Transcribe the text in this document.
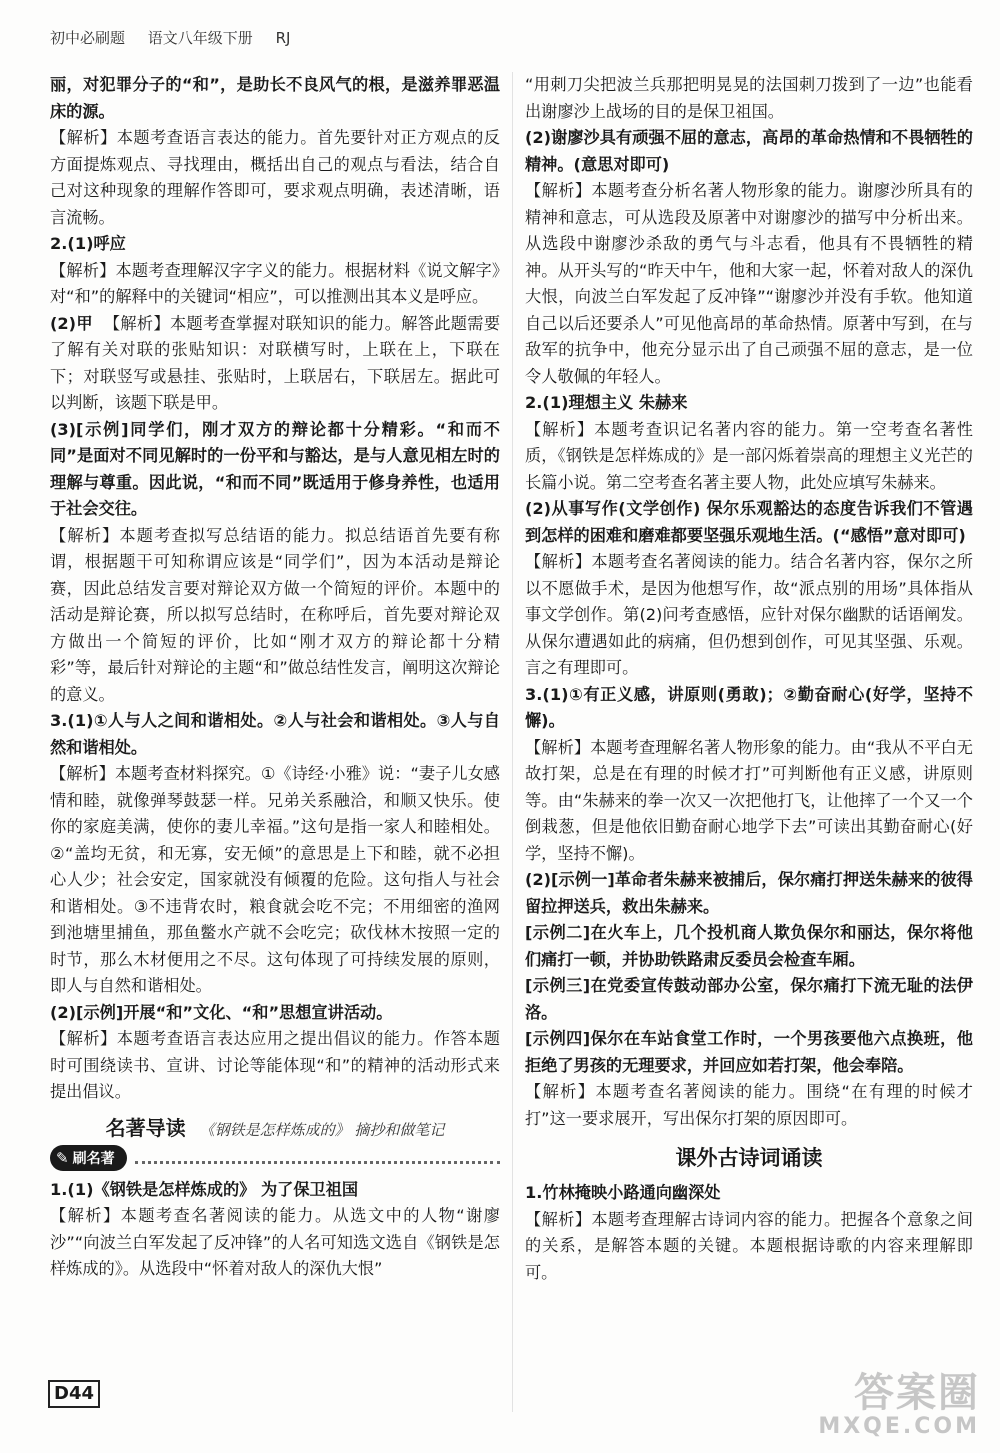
初中必刷题 语文八年级下册 RJ

丽，对犯罪分子的“和”，是助长不良风气的根，是滋养罪恶温床的源。

【解析】本题考查语言表达的能力。首先要针对正方观点的反方面提炼观点、寻找理由，概括出自己的观点与看法，结合自己对这种现象的理解作答即可，要求观点明确，表述清晰，语言流畅。

2.(1)呼应

【解析】本题考查理解汉字字义的能力。根据材料《说文解字》对“和”的解释中的关键词“相应”，可以推测出其本义是呼应。

(2)甲 【解析】本题考查掌握对联知识的能力。解答此题需要了解有关对联的张贴知识：对联横写时，上联在上，下联在下；对联竖写或悬挂、张贴时，上联居右，下联居左。据此可以判断，该题下联是甲。

(3)[示例]同学们，刚才双方的辩论都十分精彩。“和而不同”是面对不同见解时的一份平和与豁达，是与人意见相左时的理解与尊重。因此说，“和而不同”既适用于修身养性，也适用于社会交往。

【解析】本题考查拟写总结语的能力。拟总结语首先要有称谓，根据题干可知称谓应该是“同学们”，因为本活动是辩论赛，因此总结发言要对辩论双方做一个简短的评价。本题中的活动是辩论赛，所以拟写总结时，在称呼后，首先要对辩论双方做出一个简短的评价，比如“刚才双方的辩论都十分精彩”等，最后针对辩论的主题“和”做总结性发言，阐明这次辩论的意义。

3.(1)①人与人之间和谐相处。②人与社会和谐相处。③人与自然和谐相处。

【解析】本题考查材料探究。①《诗经·小雅》说：“妻子儿女感情和睦，就像弹琴鼓瑟一样。兄弟关系融洽，和顺又快乐。使你的家庭美满，使你的妻儿幸福。”这句是指一家人和睦相处。②“盖均无贫，和无寡，安无倾”的意思是上下和睦，就不必担心人少；社会安定，国家就没有倾覆的危险。这句指人与社会和谐相处。③不违背农时，粮食就会吃不完；不用细密的渔网到池塘里捕鱼，那鱼鳖水产就不会吃完；砍伐林木按照一定的时节，那么木材便用之不尽。这句体现了可持续发展的原则，即人与自然和谐相处。

(2)[示例]开展“和”文化、“和”思想宣讲活动。

【解析】本题考查语言表达应用之提出倡议的能力。作答本题时可围绕读书、宣讲、讨论等能体现“和”的精神的活动形式来提出倡议。

名著导读 《钢铁是怎样炼成的》 摘抄和做笔记
✎ 刷名著

1.(1)《钢铁是怎样炼成的》 为了保卫祖国

【解析】本题考查名著阅读的能力。从选文中的人物“谢廖沙”“向波兰白军发起了反冲锋”的人名可知选文选自《钢铁是怎样炼成的》。从选段中“怀着对敌人的深仇大恨”

“用刺刀尖把波兰兵那把明晃晃的法国刺刀拨到了一边”也能看出谢廖沙上战场的目的是保卫祖国。

(2)谢廖沙具有顽强不屈的意志，高昂的革命热情和不畏牺牲的精神。(意思对即可)

【解析】本题考查分析名著人物形象的能力。谢廖沙所具有的精神和意志，可从选段及原著中对谢廖沙的描写中分析出来。从选段中谢廖沙杀敌的勇气与斗志看，他具有不畏牺牲的精神。从开头写的“昨天中午，他和大家一起，怀着对敌人的深仇大恨，向波兰白军发起了反冲锋”“谢廖沙并没有手软。他知道自己以后还要杀人”可见他高昂的革命热情。原著中写到，在与敌军的抗争中，他充分显示出了自己顽强不屈的意志，是一位令人敬佩的年轻人。

2.(1)理想主义 朱赫来

【解析】本题考查识记名著内容的能力。第一空考查名著性质，《钢铁是怎样炼成的》是一部闪烁着崇高的理想主义光芒的长篇小说。第二空考查名著主要人物，此处应填写朱赫来。

(2)从事写作(文学创作) 保尔乐观豁达的态度告诉我们不管遇到怎样的困难和磨难都要坚强乐观地生活。(“感悟”意对即可)

【解析】本题考查名著阅读的能力。结合名著内容，保尔之所以不愿做手术，是因为他想写作，故“派点别的用场”具体指从事文学创作。第(2)问考查感悟，应针对保尔幽默的话语阐发。从保尔遭遇如此的病痛，但仍想到创作，可见其坚强、乐观。言之有理即可。

3.(1)①有正义感，讲原则(勇敢)；②勤奋耐心(好学，坚持不懈)。

【解析】本题考查理解名著人物形象的能力。由“我从不平白无故打架，总是在有理的时候才打”可判断他有正义感，讲原则等。由“朱赫来的拳一次又一次把他打飞，让他摔了一个又一个倒栽葱，但是他依旧勤奋耐心地学下去”可读出其勤奋耐心(好学，坚持不懈)。

(2)[示例一]革命者朱赫来被捕后，保尔痛打押送朱赫来的彼得留拉押送兵，救出朱赫来。

[示例二]在火车上，几个投机商人欺负保尔和丽达，保尔将他们痛打一顿，并协助铁路肃反委员会检查车厢。

[示例三]在党委宣传鼓动部办公室，保尔痛打下流无耻的法伊洛。

[示例四]保尔在车站食堂工作时，一个男孩要他六点换班，他拒绝了男孩的无理要求，并回应如若打架，他会奉陪。

【解析】本题考查名著阅读的能力。围绕“在有理的时候才打”这一要求展开，写出保尔打架的原因即可。

课外古诗词诵读

1.竹林掩映小路通向幽深处

【解析】本题考查理解古诗词内容的能力。把握各个意象之间的关系，是解答本题的关键。本题根据诗歌的内容来理解即可。

D44	答案圈
MXQE.COM
